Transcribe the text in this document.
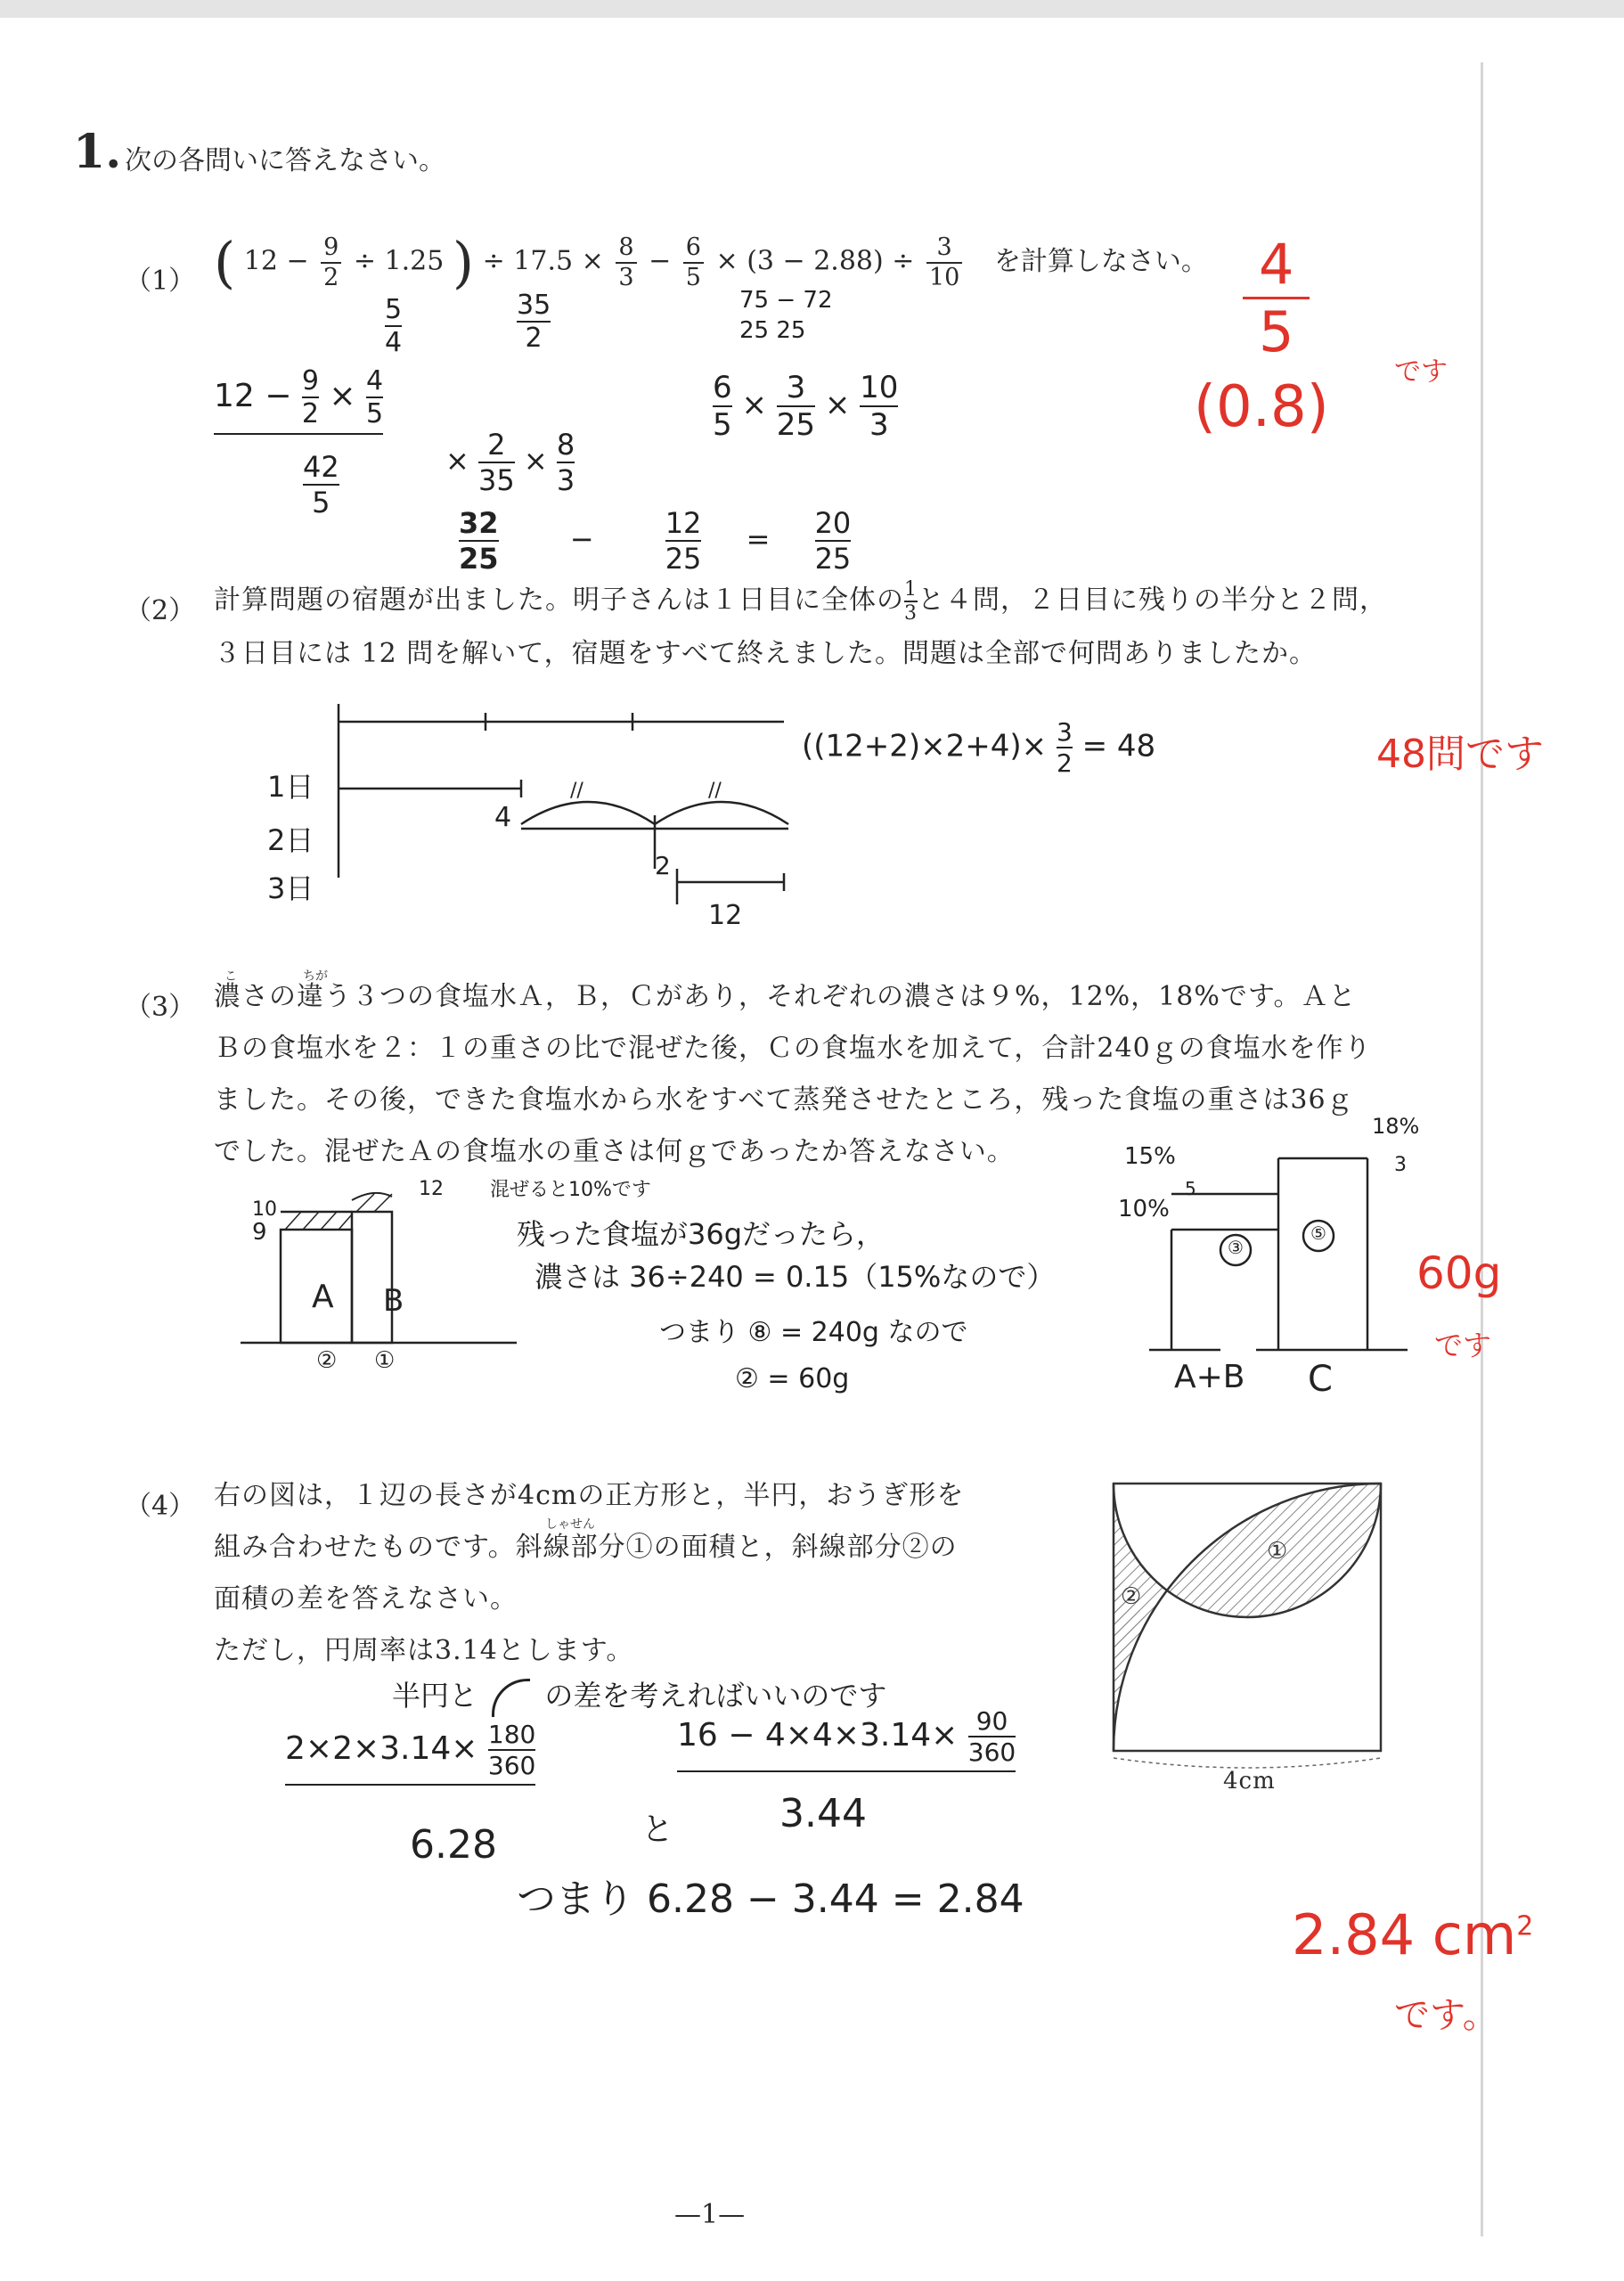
1. 次の各問いに答えなさい。
（1） ( $12 - \frac{9}{2} \div 1.25$ ) ÷ $17.5 \times \frac{8}{3} - \frac{6}{5} \times (3 - 2.88) \div \frac{3}{10}$ を計算しなさい。
$\frac{5}{4}$	$\frac{35}{2}$	75 − 72
25 25
$12 - \frac{9}{2} \times \frac{4}{5}$
$\frac{42}{5}$
$\frac{6}{5} \times \frac{3}{25} \times \frac{10}{3}$
× $\frac{2}{35} \times \frac{8}{3}$
$\frac{32}{25}$	−	$\frac{12}{25} = \frac{20}{25}$
$\frac{4}{5}$
(0.8)
です
（2） 計算問題の宿題が出ました。明子さんは１日目に全体の $\frac{1}{3}$ と４問，２日目に残りの半分と２問，
３日目には 12 問を解いて，宿題をすべて終えました。問題は全部で何問ありましたか。
1日
2日
3日
4
//	//
2
12
$((12+2)\times 2+4)\times \frac{3}{2} = 48$	48問です
（3）
こ	ちが
濃さの違う３つの食塩水Ａ，Ｂ，Ｃがあり，それぞれの濃さは９%，12%，18%です。Ａと
Ｂの食塩水を２：１の重さの比で混ぜた後，Ｃの食塩水を加えて，合計240ｇの食塩水を作り
ました。その後，できた食塩水から水をすべて蒸発させたところ，残った食塩の重さは36ｇ
でした。混ぜたＡの食塩水の重さは何ｇであったか答えなさい。
10
9
12
A B
② ①
混ぜると10%です
残った食塩が36gだったら，
濃さは 36÷240 = 0.15（15%なので）
つまり ⑧ = 240g なので
② = 60g
15%
10%
18%
5
3
③
⑤
A+B C
60g
です
（4）
しゃせん
右の図は，１辺の長さが4cmの正方形と，半円，おうぎ形を
組み合わせたものです。斜線部分①の面積と，斜線部分②の
面積の差を答えなさい。
ただし，円周率は3.14とします。
①
②
4cm
半円と の差を考えればいいのです
$2\times 2\times 3.14\times \frac{180}{360}$
6.28	と
$16 - 4\times 4\times 3.14\times \frac{90}{360}$
3.44
つまり 6.28 − 3.44 = 2.84
2.84 $cm^2$
です。
—1—
